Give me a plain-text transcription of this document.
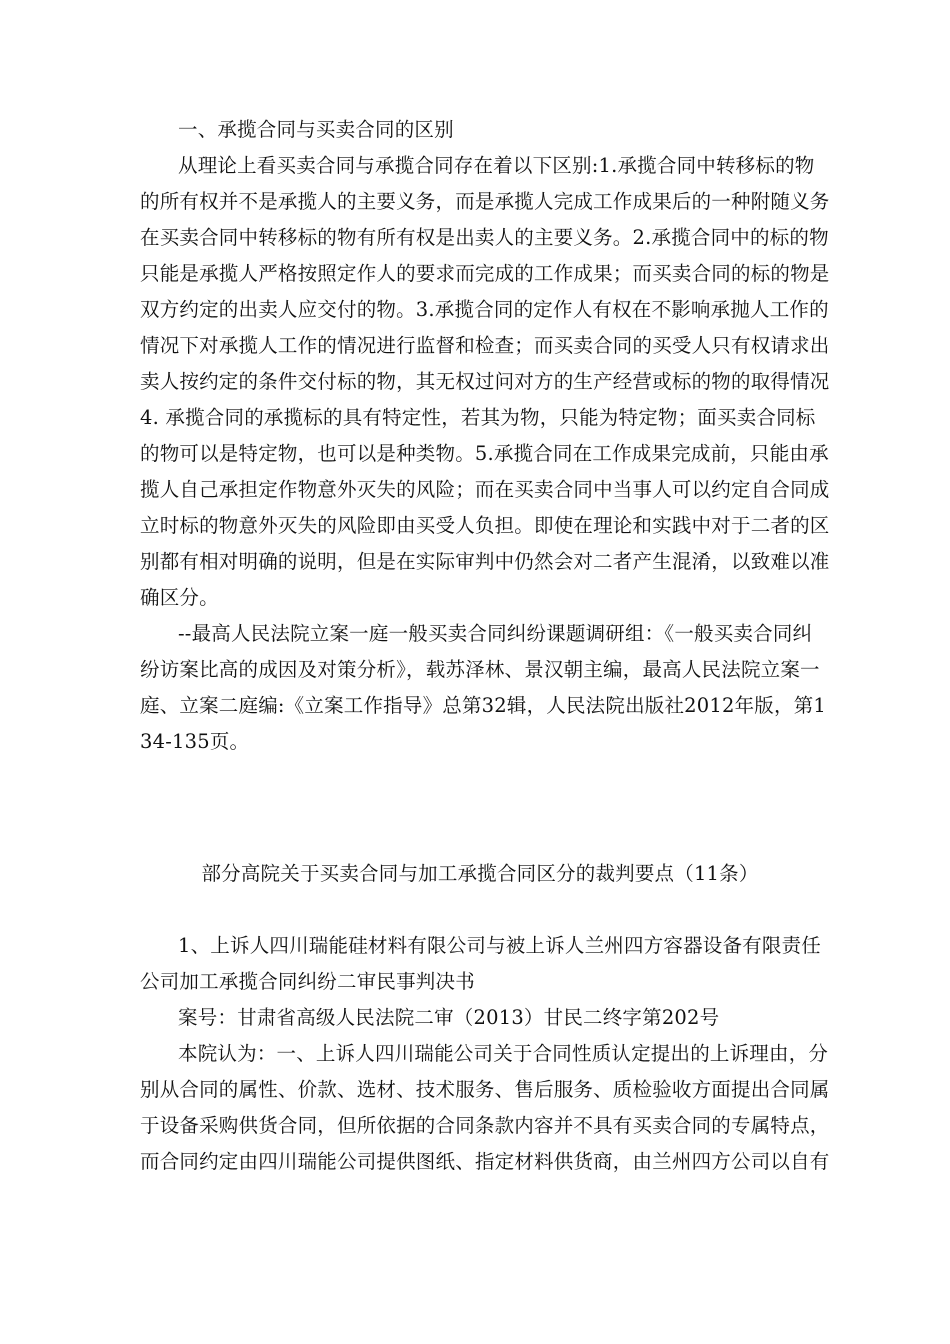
一、承揽合同与买卖合同的区别
从理论上看买卖合同与承揽合同存在着以下区别:1.承揽合同中转移标的物
的所有权并不是承揽人的主要义务，而是承揽人完成工作成果后的一种附随义务
在买卖合同中转移标的物有所有权是出卖人的主要义务。2.承揽合同中的标的物
只能是承揽人严格按照定作人的要求而完成的工作成果；而买卖合同的标的物是
双方约定的出卖人应交付的物。3.承揽合同的定作人有权在不影响承抛人工作的
情况下对承揽人工作的情况进行监督和检查；而买卖合同的买受人只有权请求出
卖人按约定的条件交付标的物，其无权过问对方的生产经营或标的物的取得情况
4. 承揽合同的承揽标的具有特定性，若其为物，只能为特定物；面买卖合同标
的物可以是特定物，也可以是种类物。5.承揽合同在工作成果完成前，只能由承
揽人自己承担定作物意外灭失的风险；而在买卖合同中当事人可以约定自合同成
立时标的物意外灭失的风险即由买受人负担。即使在理论和实践中对于二者的区
别都有相对明确的说明，但是在实际审判中仍然会对二者产生混淆，以致难以准
确区分。
--最高人民法院立案一庭一般买卖合同纠纷课题调研组：《一般买卖合同纠
纷访案比高的成因及对策分析》，载苏泽林、景汉朝主编，最高人民法院立案一
庭、立案二庭编:《立案工作指导》总第32辑，人民法院出版社2012年版，第1
34-135页。
部分高院关于买卖合同与加工承揽合同区分的裁判要点（11条）
1、上诉人四川瑞能硅材料有限公司与被上诉人兰州四方容器设备有限责任
公司加工承揽合同纠纷二审民事判决书
案号：甘肃省高级人民法院二审（2013）甘民二终字第202号
本院认为：一、上诉人四川瑞能公司关于合同性质认定提出的上诉理由，分
别从合同的属性、价款、选材、技术服务、售后服务、质检验收方面提出合同属
于设备采购供货合同，但所依据的合同条款内容并不具有买卖合同的专属特点，
而合同约定由四川瑞能公司提供图纸、指定材料供货商，由兰州四方公司以自有
